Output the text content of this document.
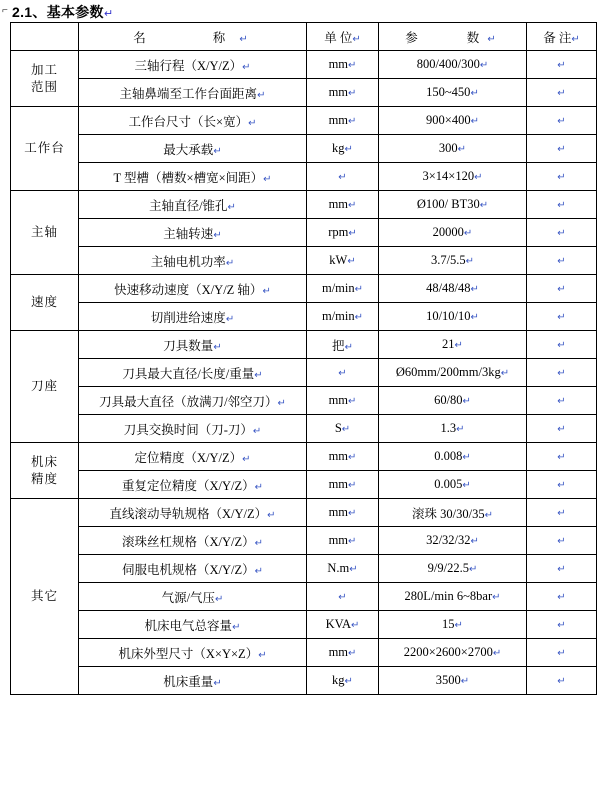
⌐ 2.1、基本参数↵
	名　　称↵	单 位↵	参　　数↵	备 注↵
加工
范围	三轴行程（X/Y/Z）↵	mm↵	800/400/300↵	↵
	主轴鼻端至工作台面距离↵	mm↵	150~450↵	↵
工作台	工作台尺寸（长×宽）↵	mm↵	900×400↵	↵
	最大承载↵	kg↵	300↵	↵
	T 型槽（槽数×槽宽×间距）↵	↵	3×14×120↵	↵
主轴	主轴直径/锥孔↵	mm↵	Ø100/ BT30↵	↵
	主轴转速↵	rpm↵	20000↵	↵
	主轴电机功率↵	kW↵	3.7/5.5↵	↵
速度	快速移动速度（X/Y/Z 轴）↵	m/min↵	48/48/48↵	↵
	切削进给速度↵	m/min↵	10/10/10↵	↵
刀座	刀具数量↵	把↵	21↵	↵
	刀具最大直径/长度/重量↵	↵	Ø60mm/200mm/3kg↵	↵
	刀具最大直径（放满刀/邻空刀）↵	mm↵	60/80↵	↵
	刀具交换时间（刀-刀）↵	S↵	1.3↵	↵
机床
精度	定位精度（X/Y/Z）↵	mm↵	0.008↵	↵
	重复定位精度（X/Y/Z）↵	mm↵	0.005↵	↵
其它	直线滚动导轨规格（X/Y/Z）↵	mm↵	滚珠 30/30/35↵	↵
	滚珠丝杠规格（X/Y/Z）↵	mm↵	32/32/32↵	↵
	伺服电机规格（X/Y/Z）↵	N.m↵	9/9/22.5↵	↵
	气源/气压↵	↵	280L/min 6~8bar↵	↵
	机床电气总容量↵	KVA↵	15↵	↵
	机床外型尺寸（X×Y×Z）↵	mm↵	2200×2600×2700↵	↵
	机床重量↵	kg↵	3500↵	↵
